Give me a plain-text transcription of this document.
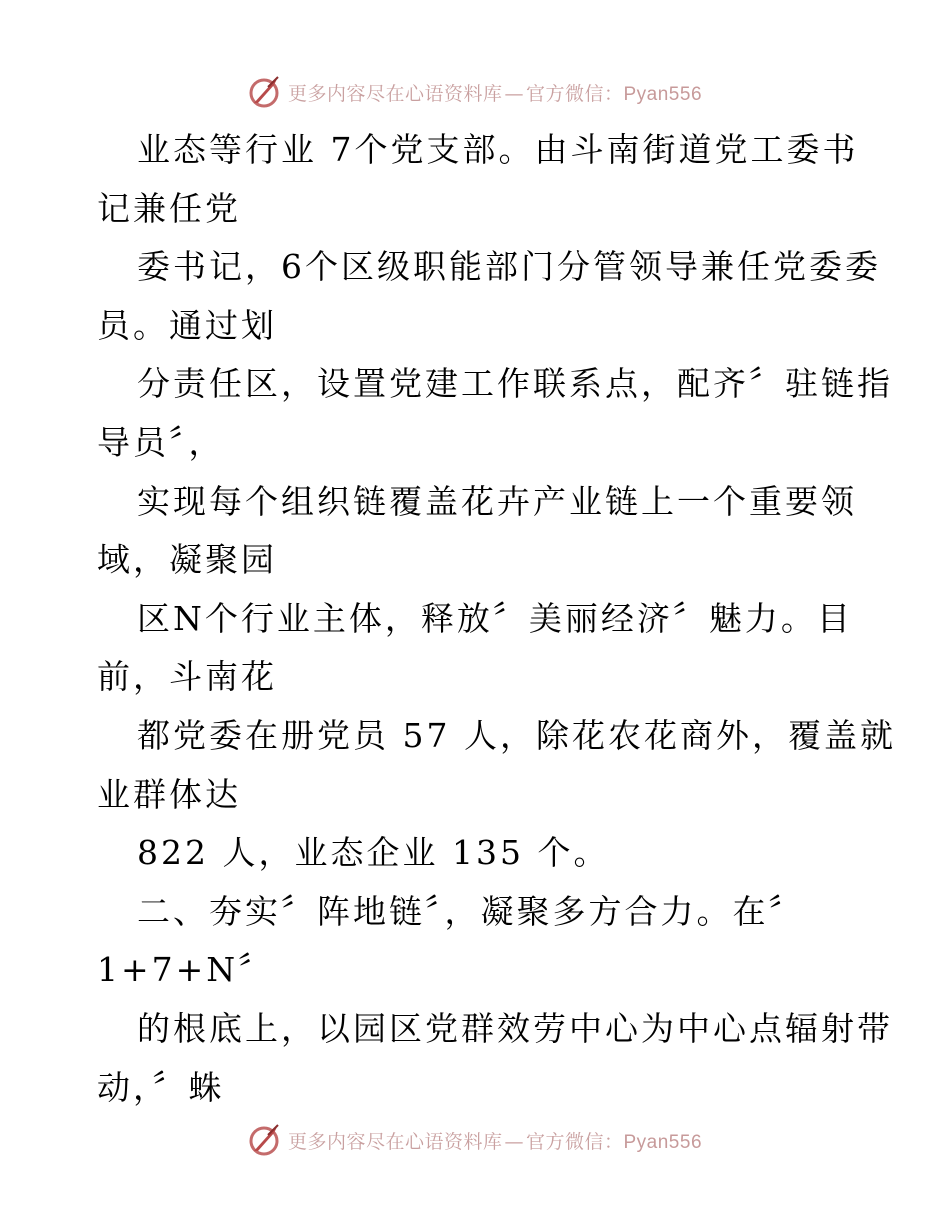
更多内容尽在心语资料库 — 官方微信：Pyan556
业态等行业 7个党支部。由斗南街道党工委书
记兼任党
委书记，6个区级职能部门分管领导兼任党委委
员。通过划
分责任区，设置党建工作联系点，配齐〞驻链指
导员〞，
实现每个组织链覆盖花卉产业链上一个重要领
域，凝聚园
区N个行业主体，释放〞美丽经济〞魅力。目
前，斗南花
都党委在册党员 57 人，除花农花商外，覆盖就
业群体达
822 人，业态企业 135 个。
二、夯实〞阵地链〞，凝聚多方合力。在〞
1+7+N〞
的根底上，以园区党群效劳中心为中心点辐射带
动，〞蛛
更多内容尽在心语资料库 — 官方微信：Pyan556
